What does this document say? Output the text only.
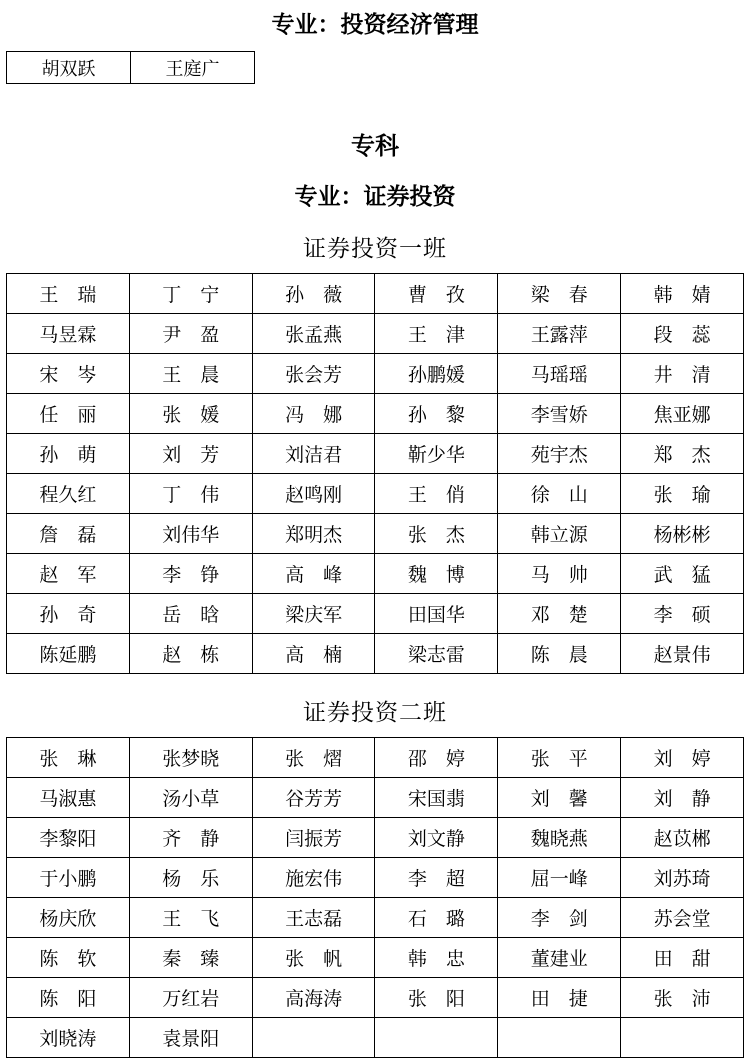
专业：投资经济管理
胡双跃	王庭广
专科
专业：证券投资
证券投资一班
王　瑞	丁　宁	孙　薇	曹　孜	梁　春	韩　婧
马昱霖	尹　盈	张孟燕	王　津	王露萍	段　蕊
宋　岑	王　晨	张会芳	孙鹏媛	马瑶瑶	井　清
任　丽	张　媛	冯　娜	孙　黎	李雪娇	焦亚娜
孙　萌	刘　芳	刘洁君	靳少华	苑宇杰	郑　杰
程久红	丁　伟	赵鸣刚	王　俏	徐　山	张　瑜
詹　磊	刘伟华	郑明杰	张　杰	韩立源	杨彬彬
赵　军	李　铮	高　峰	魏　博	马　帅	武　猛
孙　奇	岳　晗	梁庆军	田国华	邓　楚	李　硕
陈延鹏	赵　栋	高　楠	梁志雷	陈　晨	赵景伟
证券投资二班
张　琳	张梦晓	张　熠	邵　婷	张　平	刘　婷
马淑惠	汤小草	谷芳芳	宋国翡	刘　馨	刘　静
李黎阳	齐　静	闫振芳	刘文静	魏晓燕	赵苡郴
于小鹏	杨　乐	施宏伟	李　超	屈一峰	刘苏琦
杨庆欣	王　飞	王志磊	石　璐	李　剑	苏会堂
陈　软	秦　臻	张　帆	韩　忠	董建业	田　甜
陈　阳	万红岩	高海涛	张　阳	田　捷	张　沛
刘晓涛	袁景阳				
